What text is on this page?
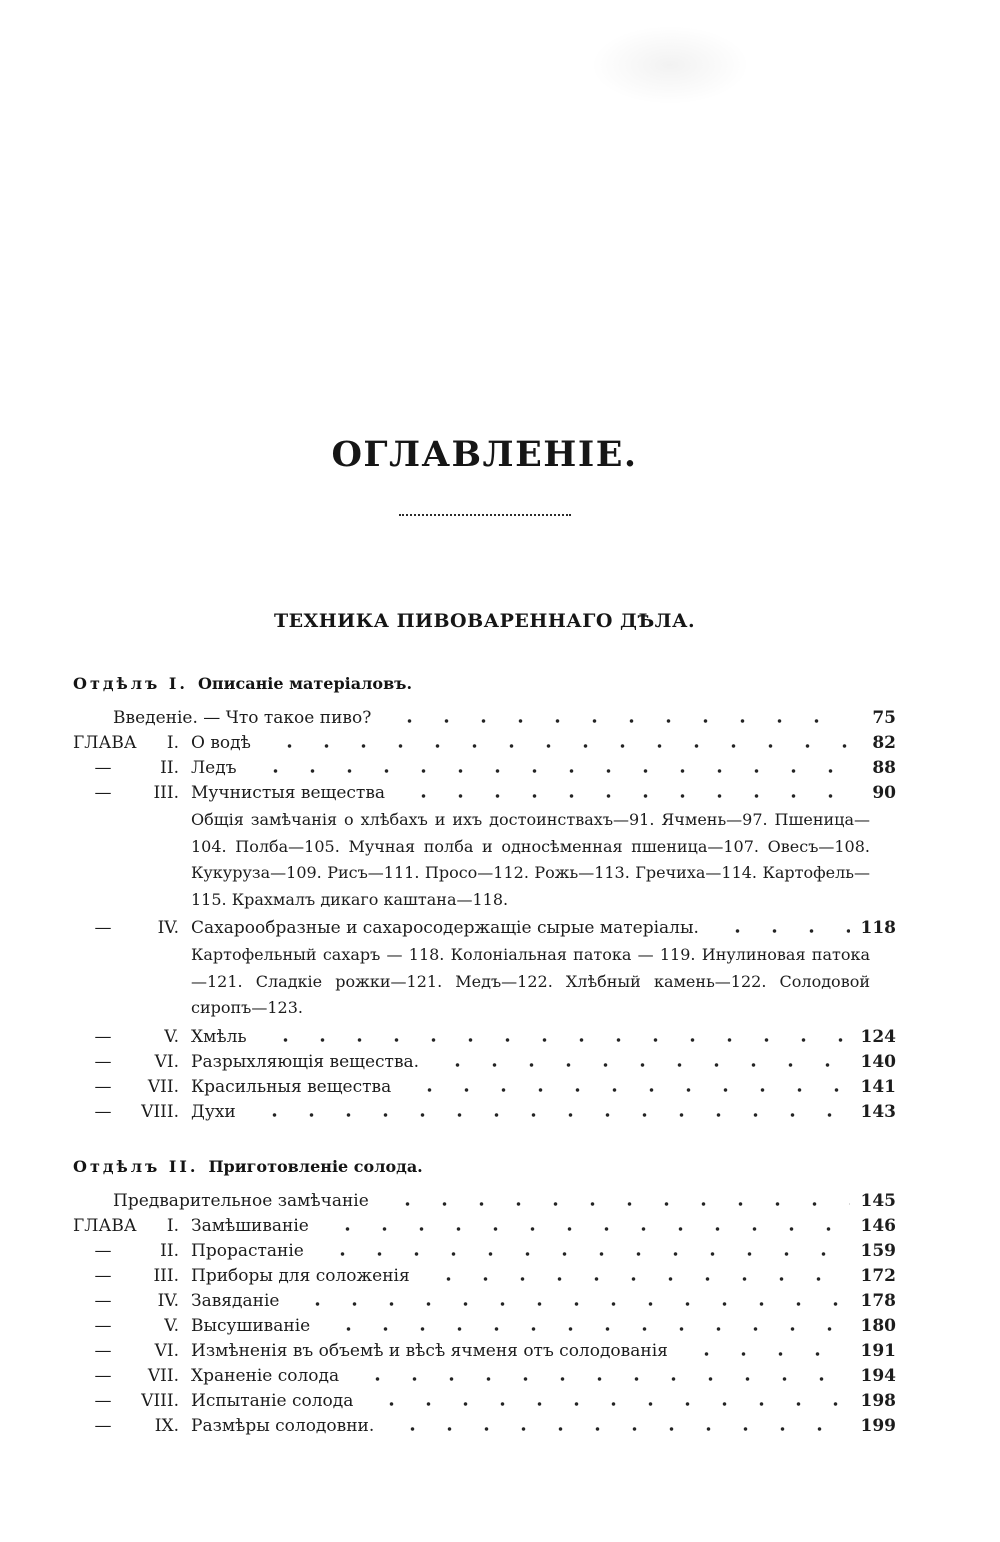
ОГЛАВЛЕНІЕ.
ТЕХНИКА ПИВОВАРЕННАГО ДѢЛА.
Отдѣлъ I. Описаніе матеріаловъ.
Введеніе. — Что такое пиво?	75
ГЛАВА	I. О водѣ	82
—	II. Ледъ	88
—	III. Мучнистыя вещества	90
Общія замѣчанія о хлѣбахъ и ихъ достоинствахъ—91. Ячмень—97. Пшеница—104. Полба—105. Мучная полба и односѣменная пшеница—107. Овесъ—108. Кукуруза—109. Рисъ—111. Просо—112. Рожь—113. Гречиха—114. Картофель—115. Крахмалъ дикаго каштана—118.
—	IV. Сахарообразные и сахаросодержащіе сырые матеріалы.	118
Картофельный сахаръ — 118. Колоніальная патока — 119. Инулиновая патока—121. Сладкіе рожки—121. Медъ—122. Хлѣбный камень—122. Солодовой сиропъ—123.
—	V. Хмѣль	124
—	VI. Разрыхляющія вещества.	140
—	VII. Красильныя вещества	141
—	VIII. Духи	143
Отдѣлъ II. Приготовленіе солода.
Предварительное замѣчаніе	145
ГЛАВА	I. Замѣшиваніе	146
—	II. Прорастаніе	159
—	III. Приборы для соложенія	172
—	IV. Завяданіе	178
—	V. Высушиваніе	180
—	VI. Измѣненія въ объемѣ и вѣсѣ ячменя отъ солодованія	191
—	VII. Храненіе солода	194
—	VIII. Испытаніе солода	198
—	IX. Размѣры солодовни.	199
